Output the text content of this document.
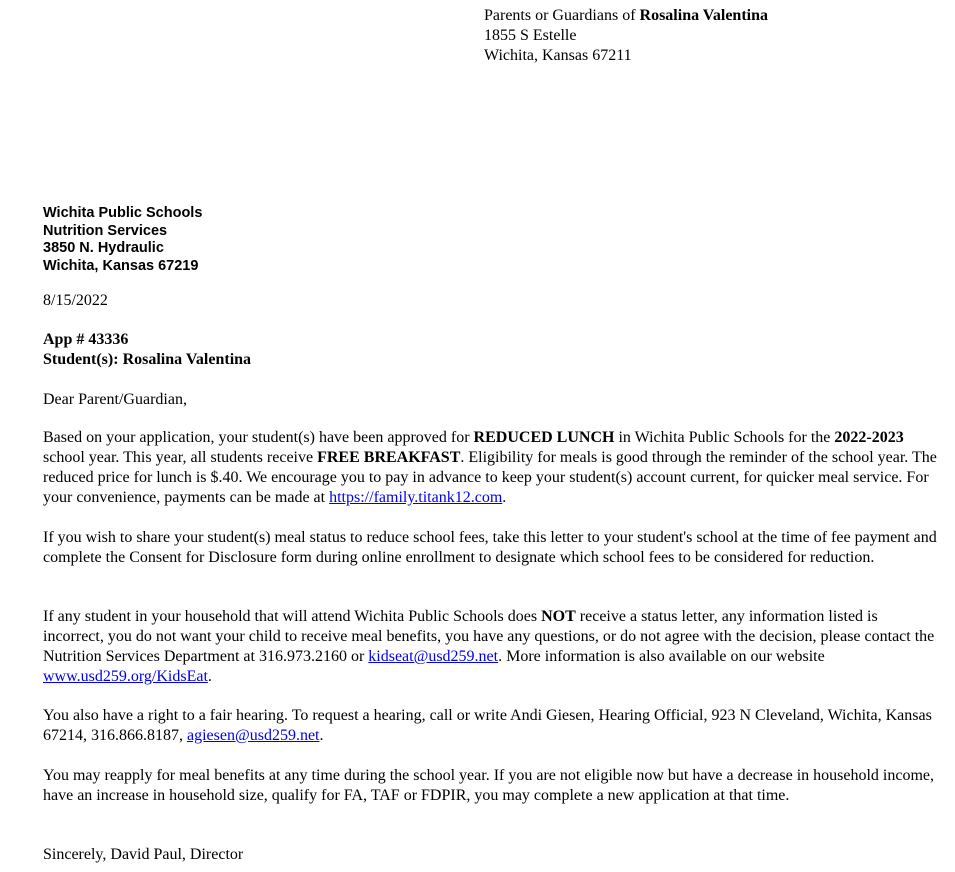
Parents or Guardians of Rosalina Valentina
1855 S Estelle
Wichita, Kansas 67211
Wichita Public Schools
Nutrition Services
3850 N. Hydraulic
Wichita, Kansas 67219
8/15/2022
App # 43336
Student(s): Rosalina Valentina
Dear Parent/Guardian,
Based on your application, your student(s) have been approved for REDUCED LUNCH in Wichita Public Schools for the 2022-2023 school year. This year, all students receive FREE BREAKFAST. Eligibility for meals is good through the reminder of the school year. The reduced price for lunch is $.40. We encourage you to pay in advance to keep your student(s) account current, for quicker meal service. For your convenience, payments can be made at https://family.titank12.com.
If you wish to share your student(s) meal status to reduce school fees, take this letter to your student's school at the time of fee payment and complete the Consent for Disclosure form during online enrollment to designate which school fees to be considered for reduction.
If any student in your household that will attend Wichita Public Schools does NOT receive a status letter, any information listed is incorrect, you do not want your child to receive meal benefits, you have any questions, or do not agree with the decision, please contact the Nutrition Services Department at 316.973.2160 or kidseat@usd259.net. More information is also available on our website www.usd259.org/KidsEat.
You also have a right to a fair hearing. To request a hearing, call or write Andi Giesen, Hearing Official, 923 N Cleveland, Wichita, Kansas 67214, 316.866.8187, agiesen@usd259.net.
You may reapply for meal benefits at any time during the school year. If you are not eligible now but have a decrease in household income, have an increase in household size, qualify for FA, TAF or FDPIR, you may complete a new application at that time.
Sincerely, David Paul, Director
